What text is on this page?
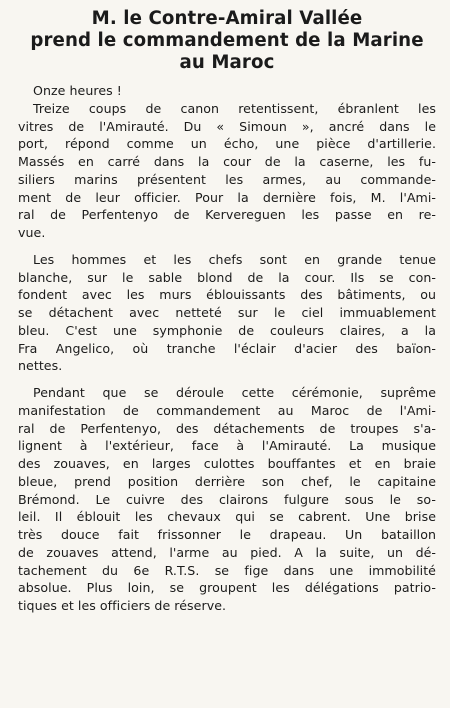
M. le Contre-Amiral Vallée
prend le commandement de la Marine
au Maroc

Onze heures !

Treize coups de canon retentissent, ébranlent les
vitres de l'Amirauté. Du « Simoun », ancré dans le
port, répond comme un écho, une pièce d'artillerie.
Massés en carré dans la cour de la caserne, les fu-
siliers marins présentent les armes, au commande-
ment de leur officier. Pour la dernière fois, M. l'Ami-
ral de Perfentenyo de Kervereguen les passe en re-
vue.

Les hommes et les chefs sont en grande tenue
blanche, sur le sable blond de la cour. Ils se con-
fondent avec les murs éblouissants des bâtiments, ou
se détachent avec netteté sur le ciel immuablement
bleu. C'est une symphonie de couleurs claires, a la
Fra Angelico, où tranche l'éclair d'acier des baïon-
nettes.

Pendant que se déroule cette cérémonie, suprême
manifestation de commandement au Maroc de l'Ami-
ral de Perfentenyo, des détachements de troupes s'a-
lignent à l'extérieur, face à l'Amirauté. La musique
des zouaves, en larges culottes bouffantes et en braie
bleue, prend position derrière son chef, le capitaine
Brémond. Le cuivre des clairons fulgure sous le so-
leil. Il éblouit les chevaux qui se cabrent. Une brise
très douce fait frissonner le drapeau. Un bataillon
de zouaves attend, l'arme au pied. A la suite, un dé-
tachement du 6e R.T.S. se fige dans une immobilité
absolue. Plus loin, se groupent les délégations patrio-
tiques et les officiers de réserve.
